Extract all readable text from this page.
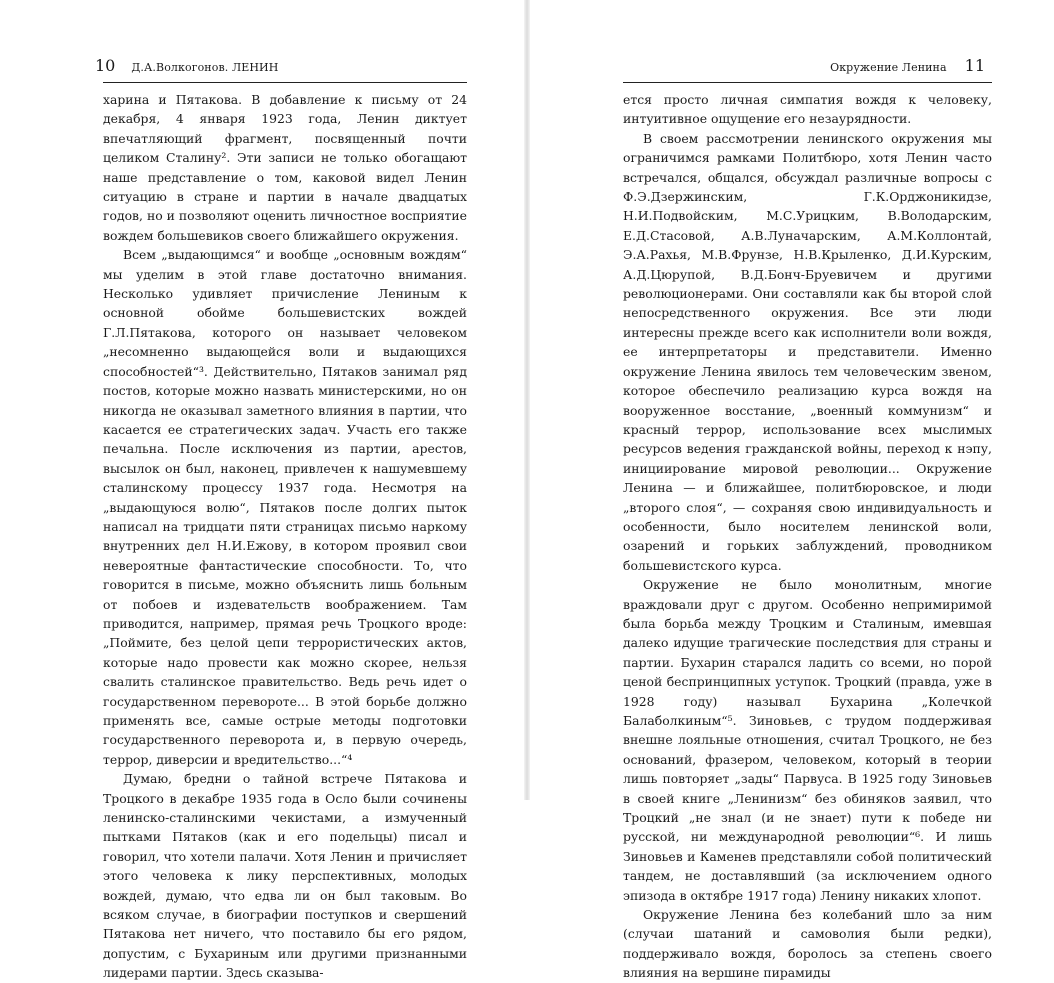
10 Д.А.Волкогонов. ЛЕНИН

харина и Пятакова. В добавление к письму от 24 декабря, 4 января 1923 года, Ленин диктует впечатляющий фрагмент, посвященный почти целиком Сталину². Эти записи не только обогащают наше представление о том, каковой видел Ленин ситуацию в стране и партии в начале двадцатых годов, но и позволяют оценить личностное восприятие вождем большевиков своего ближайшего окружения.

Всем „выдающимся“ и вообще „основным вождям“ мы уделим в этой главе достаточно внимания. Несколько удивляет причисление Лениным к основной обойме большевистских вождей Г.Л.Пятакова, которого он называет человеком „несомненно выдающейся воли и выдающихся способностей“³. Действительно, Пятаков занимал ряд постов, которые можно назвать министерскими, но он никогда не оказывал заметного влияния в партии, что касается ее стратегических задач. Участь его также печальна. После исключения из партии, арестов, высылок он был, наконец, привлечен к нашумевшему сталинскому процессу 1937 года. Несмотря на „выдающуюся волю“, Пятаков после долгих пыток написал на тридцати пяти страницах письмо наркому внутренних дел Н.И.Ежову, в котором проявил свои невероятные фантастические способности. То, что говорится в письме, можно объяснить лишь больным от побоев и издевательств воображением. Там приводится, например, прямая речь Троцкого вроде: „Поймите, без целой цепи террористических актов, которые надо провести как можно скорее, нельзя свалить сталинское правительство. Ведь речь идет о государственном перевороте... В этой борьбе должно применять все, самые острые методы подготовки государственного переворота и, в первую очередь, террор, диверсии и вредительство...“⁴

Думаю, бредни о тайной встрече Пятакова и Троцкого в декабре 1935 года в Осло были сочинены ленинско-сталинскими чекистами, а измученный пытками Пятаков (как и его подельцы) писал и говорил, что хотели палачи. Хотя Ленин и причисляет этого человека к лику перспективных, молодых вождей, думаю, что едва ли он был таковым. Во всяком случае, в биографии поступков и свершений Пятакова нет ничего, что поставило бы его рядом, допустим, с Бухариным или другими признанными лидерами партии. Здесь сказыва-

Окружение Ленина 11

ется просто личная симпатия вождя к человеку, интуитивное ощущение его незаурядности.

В своем рассмотрении ленинского окружения мы ограничимся рамками Политбюро, хотя Ленин часто встречался, общался, обсуждал различные вопросы с Ф.Э.Дзержинским, Г.К.Орджоникидзе, Н.И.Подвойским, М.С.Урицким, В.Володарским, Е.Д.Стасовой, А.В.Луначарским, А.М.Коллонтай, Э.А.Рахья, М.В.Фрунзе, Н.В.Крыленко, Д.И.Курским, А.Д.Цюрупой, В.Д.Бонч-Бруевичем и другими революционерами. Они составляли как бы второй слой непосредственного окружения. Все эти люди интересны прежде всего как исполнители воли вождя, ее интерпретаторы и представители. Именно окружение Ленина явилось тем человеческим звеном, которое обеспечило реализацию курса вождя на вооруженное восстание, „военный коммунизм“ и красный террор, использование всех мыслимых ресурсов ведения гражданской войны, переход к нэпу, инициирование мировой революции... Окружение Ленина — и ближайшее, политбюровское, и люди „второго слоя“, — сохраняя свою индивидуальность и особенности, было носителем ленинской воли, озарений и горьких заблуждений, проводником большевистского курса.

Окружение не было монолитным, многие враждовали друг с другом. Особенно непримиримой была борьба между Троцким и Сталиным, имевшая далеко идущие трагические последствия для страны и партии. Бухарин старался ладить со всеми, но порой ценой беспринципных уступок. Троцкий (правда, уже в 1928 году) называл Бухарина „Колечкой Балаболкиным“⁵. Зиновьев, с трудом поддерживая внешне лояльные отношения, считал Троцкого, не без оснований, фразером, человеком, который в теории лишь повторяет „зады“ Парвуса. В 1925 году Зиновьев в своей книге „Ленинизм“ без обиняков заявил, что Троцкий „не знал (и не знает) пути к победе ни русской, ни международной революции“⁶. И лишь Зиновьев и Каменев представляли собой политический тандем, не доставлявший (за исключением одного эпизода в октябре 1917 года) Ленину никаких хлопот.

Окружение Ленина без колебаний шло за ним (случаи шатаний и самоволия были редки), поддерживало вождя, боролось за степень своего влияния на вершине пирамиды
